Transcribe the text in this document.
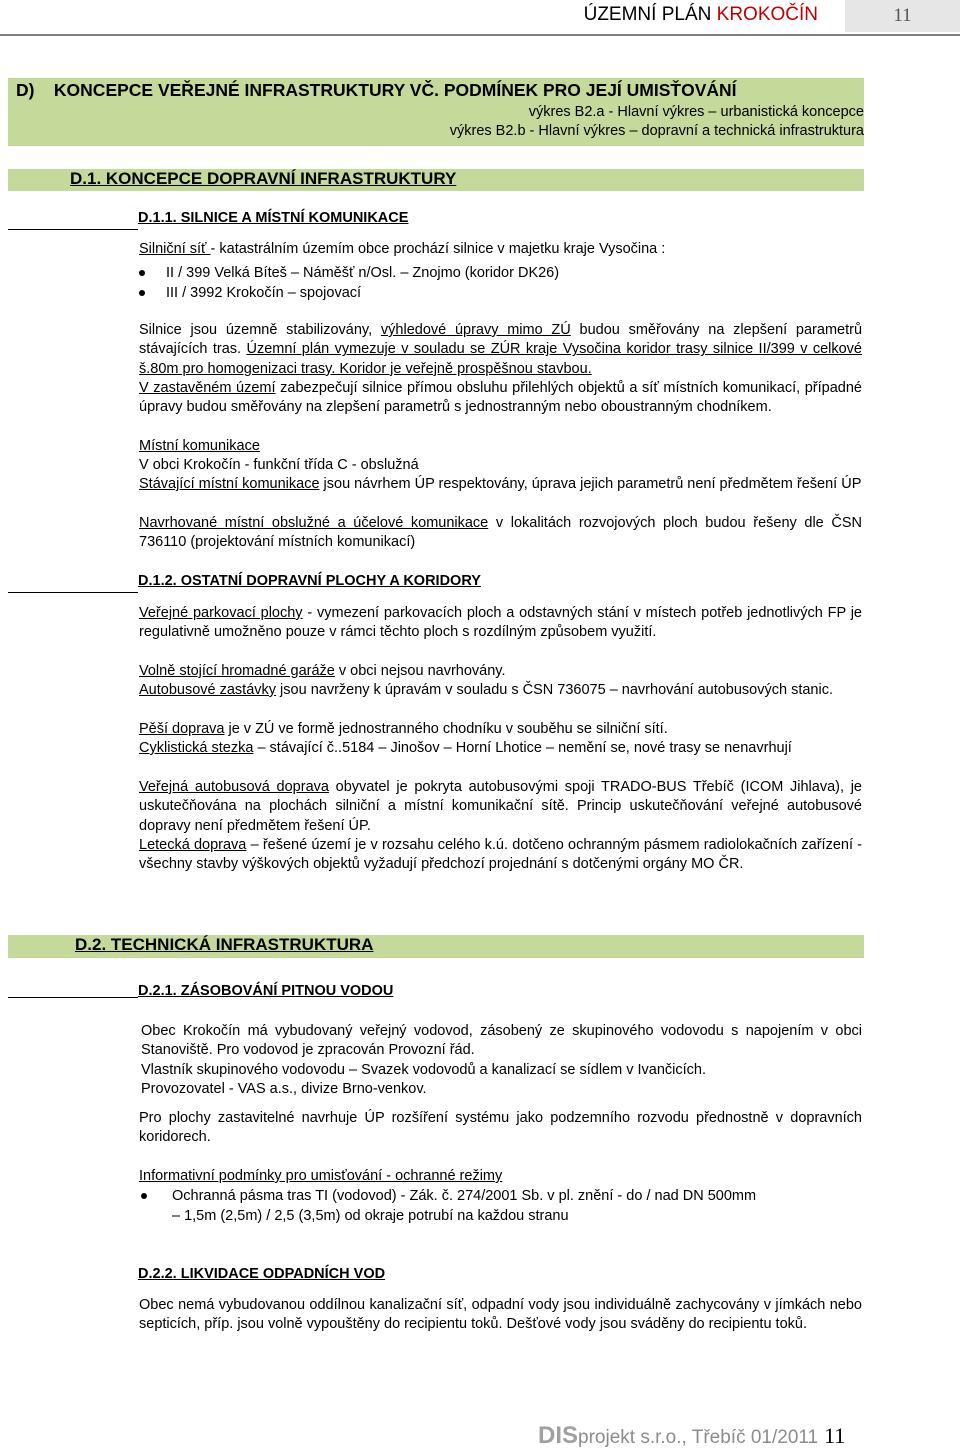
ÚZEMNÍ PLÁN KROKOČÍN	11
D)    KONCEPCE VEŘEJNÉ INFRASTRUKTURY VČ. PODMÍNEK PRO JEJÍ UMISŤOVÁNÍ
výkres B2.a - Hlavní výkres – urbanistická koncepce
výkres B2.b - Hlavní výkres – dopravní a technická infrastruktura
D.1. KONCEPCE DOPRAVNÍ INFRASTRUKTURY
D.1.1. SILNICE A MÍSTNÍ KOMUNIKACE
Silniční síť - katastrálním územím obce prochází silnice v majetku kraje Vysočina :
II / 399 Velká Bíteš – Náměšť n/Osl. – Znojmo (koridor DK26)
III / 3992 Krokočín – spojovací
Silnice jsou územně stabilizovány, výhledové úpravy mimo ZÚ budou směřovány na zlepšení parametrů stávajících tras. Územní plán vymezuje v souladu se ZÚR kraje Vysočina koridor trasy silnice II/399 v celkové š.80m pro homogenizaci trasy. Koridor je veřejně prospěšnou stavbou.
V zastavěném území zabezpečují silnice přímou obsluhu přilehlých objektů a síť místních komunikací, případné úpravy budou směřovány na zlepšení parametrů s jednostranným nebo oboustranným chodníkem.
Místní komunikace
V obci Krokočín - funkční třída C - obslužná
Stávající místní komunikace jsou návrhem ÚP respektovány, úprava jejich parametrů není předmětem řešení ÚP
Navrhované místní obslužné a účelové komunikace v lokalitách rozvojových ploch budou řešeny dle ČSN 736110 (projektování místních komunikací)
D.1.2. OSTATNÍ DOPRAVNÍ PLOCHY A KORIDORY
Veřejné parkovací plochy - vymezení parkovacích ploch a odstavných stání v místech potřeb jednotlivých FP je regulativně umožněno pouze v rámci těchto ploch s rozdílným způsobem využití.
Volně stojící hromadné garáže v obci nejsou navrhovány.
Autobusové zastávky jsou navrženy k úpravám v souladu s ČSN 736075 – navrhování autobusových stanic.
Pěší doprava je v ZÚ ve formě jednostranného chodníku v souběhu se silniční sítí.
Cyklistická stezka – stávající č..5184 – Jinošov – Horní Lhotice – nemění se, nové trasy se nenavrhují
Veřejná autobusová doprava obyvatel je pokryta autobusovými spoji TRADO-BUS Třebíč (ICOM Jihlava), je uskutečňována na plochách silniční a místní komunikační sítě. Princip uskutečňování veřejné autobusové dopravy není předmětem řešení ÚP.
Letecká doprava – řešené území je v rozsahu celého k.ú. dotčeno ochranným pásmem radiolokačních zařízení - všechny stavby výškových objektů vyžadují předchozí projednání s dotčenými orgány MO ČR.
D.2. TECHNICKÁ INFRASTRUKTURA
D.2.1. ZÁSOBOVÁNÍ PITNOU VODOU
Obec Krokočín má vybudovaný veřejný vodovod, zásobený ze skupinového vodovodu s napojením v obci Stanoviště. Pro vodovod je zpracován Provozní řád.
Vlastník skupinového vodovodu – Svazek vodovodů a kanalizací se sídlem v Ivančicích.
Provozovatel - VAS a.s., divize Brno-venkov.
Pro plochy zastavitelné navrhuje ÚP rozšíření systému jako podzemního rozvodu přednostně v dopravních koridorech.
Informativní podmínky pro umisťování - ochranné režimy
Ochranná pásma tras TI (vodovod) - Zák. č. 274/2001 Sb. v pl. znění - do / nad DN 500mm
– 1,5m (2,5m) / 2,5 (3,5m) od okraje potrubí na každou stranu
D.2.2. LIKVIDACE ODPADNÍCH VOD
Obec nemá vybudovanou oddílnou kanalizační síť, odpadní vody jsou individuálně zachycovány v jímkách nebo septicích, příp. jsou volně vypouštěny do recipientu toků. Dešťové vody jsou sváděny do recipientu toků.
DISprojekt s.r.o., Třebíč 01/2011 11
